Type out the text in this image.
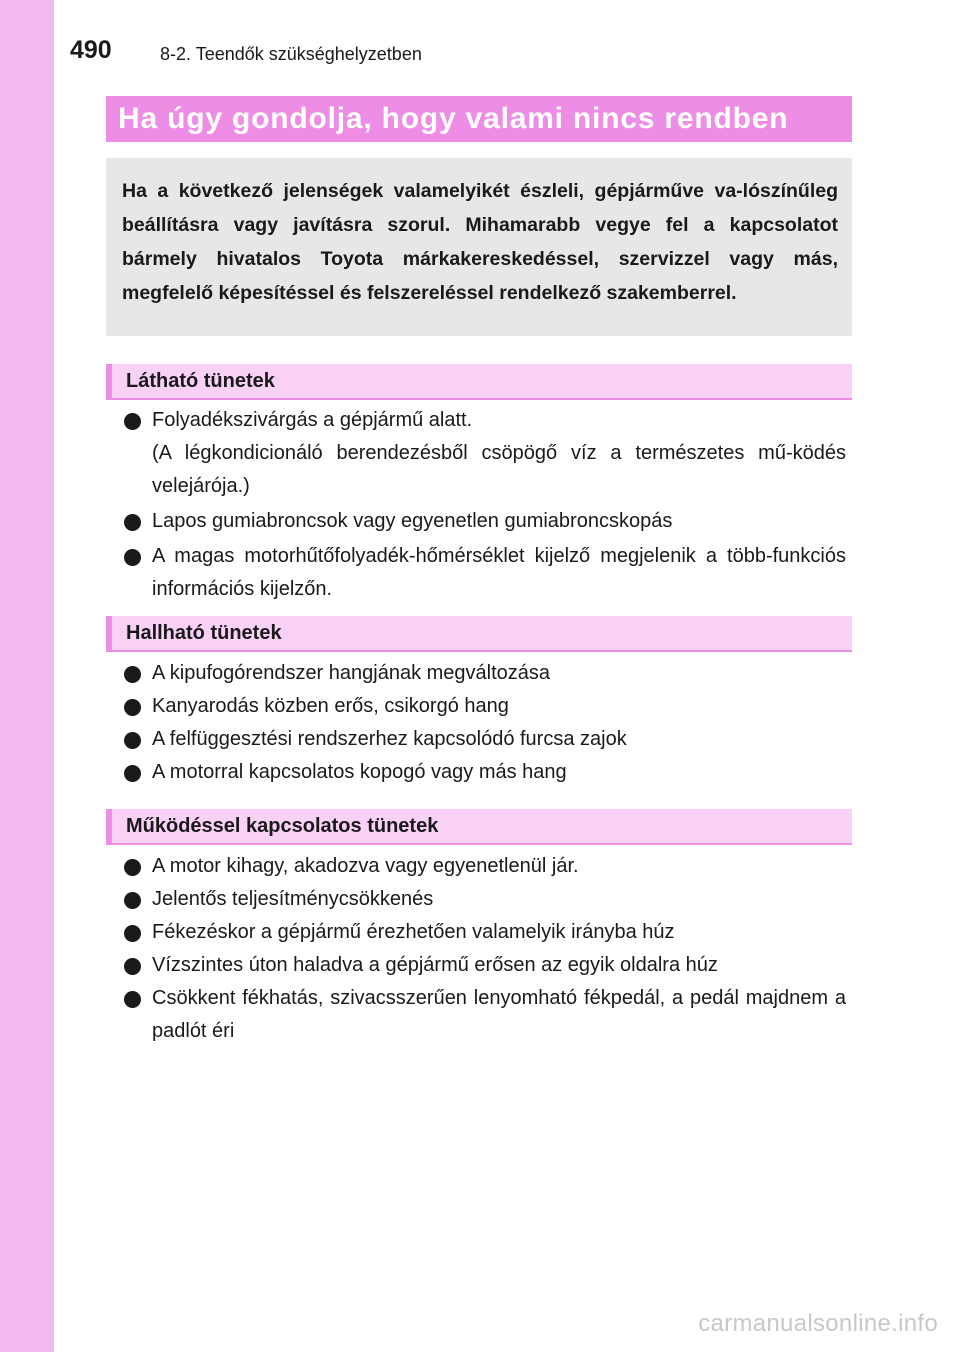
490	8-2. Teendők szükséghelyzetben
Ha úgy gondolja, hogy valami nincs rendben
Ha a következő jelenségek valamelyikét észleli, gépjárműve va-lószínűleg beállításra vagy javításra szorul. Mihamarabb vegye fel a kapcsolatot bármely hivatalos Toyota márkakereskedéssel, szervizzel vagy más, megfelelő képesítéssel és felszereléssel rendelkező szakemberrel.
Látható tünetek
Folyadékszivárgás a gépjármű alatt.
(A légkondicionáló berendezésből csöpögő víz a természetes mű-ködés velejárója.)
Lapos gumiabroncsok vagy egyenetlen gumiabroncskopás
A magas motorhűtőfolyadék-hőmérséklet kijelző megjelenik a több-funkciós információs kijelzőn.
Hallható tünetek
A kipufogórendszer hangjának megváltozása
Kanyarodás közben erős, csikorgó hang
A felfüggesztési rendszerhez kapcsolódó furcsa zajok
A motorral kapcsolatos kopogó vagy más hang
Működéssel kapcsolatos tünetek
A motor kihagy, akadozva vagy egyenetlenül jár.
Jelentős teljesítménycsökkenés
Fékezéskor a gépjármű érezhetően valamelyik irányba húz
Vízszintes úton haladva a gépjármű erősen az egyik oldalra húz
Csökkent fékhatás, szivacsszerűen lenyomható fékpedál, a pedál majdnem a padlót éri
carmanualsonline.info
